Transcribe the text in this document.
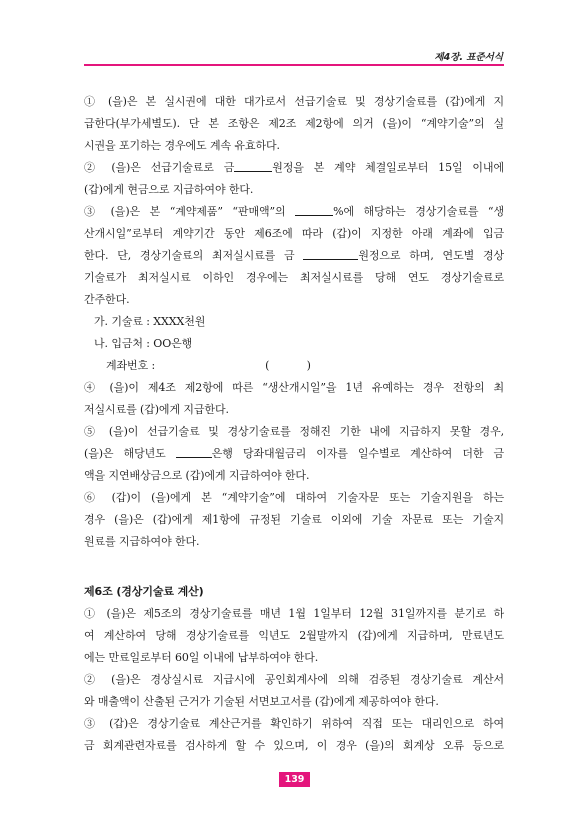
제4장. 표준서식
① (을)은 본 실시권에 대한 대가로서 선급기술료 및 경상기술료를 (갑)에게 지
급한다(부가세별도). 단 본 조항은 제2조 제2항에 의거 (을)이 “계약기술”의 실
시권을 포기하는 경우에도 계속 유효하다.
② (을)은 선급기술료로 금	원정을 본 계약 체결일로부터 15일 이내에
(갑)에게 현금으로 지급하여야 한다.
③ (을)은 본 “계약제품” “판매액”의	%에 해당하는 경상기술료를 “생
산개시일”로부터 계약기간 동안 제6조에 따라 (갑)이 지정한 아래 계좌에 입금
한다. 단, 경상기술료의 최저실시료를 금	원정으로 하며, 연도별 경상
기술료가 최저실시료 이하인 경우에는 최저실시료를 당해 연도 경상기술료로
간주한다.
가. 기술료 : XXXX천원
나. 입금처 : OO은행
계좌번호 :	(           )
④ (을)이 제4조 제2항에 따른 “생산개시일”을 1년 유예하는 경우 전항의 최
저실시료를 (갑)에게 지급한다.
⑤ (을)이 선급기술료 및 경상기술료를 정해진 기한 내에 지급하지 못할 경우,
(을)은 해당년도	은행 당좌대월금리 이자를 일수별로 계산하여 더한 금
액을 지연배상금으로 (갑)에게 지급하여야 한다.
⑥ (갑)이 (을)에게 본 “계약기술”에 대하여 기술자문 또는 기술지원을 하는
경우 (을)은 (갑)에게 제1항에 규정된 기술료 이외에 기술 자문료 또는 기술지
원료를 지급하여야 한다.
제6조 (경상기술료 계산)
① (을)은 제5조의 경상기술료를 매년 1월 1일부터 12월 31일까지를 분기로 하
여 계산하여 당해 경상기술료를 익년도 2월말까지 (갑)에게 지급하며, 만료년도
에는 만료일로부터 60일 이내에 납부하여야 한다.
② (을)은 경상실시료 지급시에 공인회계사에 의해 검증된 경상기술료 계산서
와 매출액이 산출된 근거가 기술된 서면보고서를 (갑)에게 제공하여야 한다.
③ (갑)은 경상기술료 계산근거를 확인하기 위하여 직접 또는 대리인으로 하여
금 회계관련자료를 검사하게 할 수 있으며, 이 경우 (을)의 회계상 오류 등으로
139
